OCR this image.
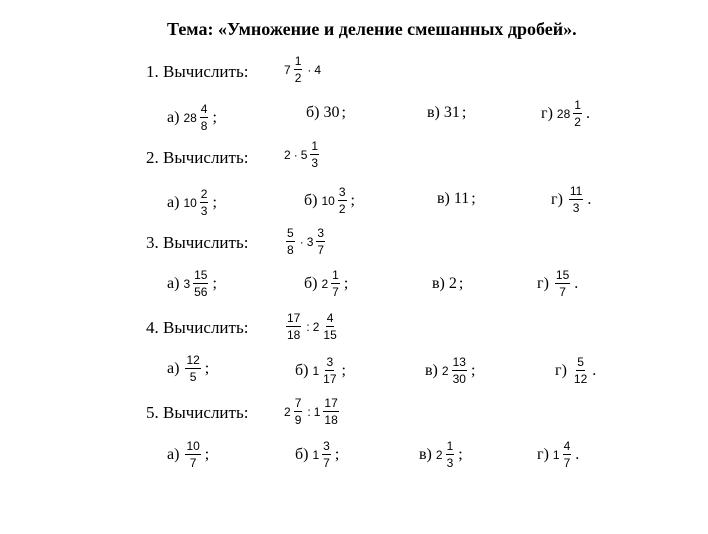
Тема: «Умножение и деление смешанных дробей».
1. Вычислить:	$7 \frac{1}{2} \cdot 4$
а) $28 \frac{4}{8}$ ;	б) 30 ;	в) 31 ;	г) $28 \frac{1}{2}$ .
2. Вычислить:	$2 \cdot 5 \frac{1}{3}$
а) $10 \frac{2}{3}$ ;	б) $10 \frac{3}{2}$ ;	в) 11 ;	$г) \frac{11}{3}$ .
3. Вычислить:	$\frac{5}{8} \cdot 3 \frac{3}{7}$
а) $3 \frac{15}{56}$ ;	б) $2 \frac{1}{7}$ ;	в) 2 ;	$г) \frac{15}{7}$ .
4. Вычислить:	$\frac{17}{18}$ : $2 \frac{4}{15}$
$а) \frac{12}{5}$ ;	б) $1 \frac{3}{17}$ ;	в) $2 \frac{13}{30}$ ;	$г) \frac{5}{12}$ .
5. Вычислить:	$2 \frac{7}{9}$ : $1 \frac{17}{18}$
$а) \frac{10}{7}$ ;	б) $1 \frac{3}{7}$ ;	в) $2 \frac{1}{3}$ ;	г) $1 \frac{4}{7}$ .
